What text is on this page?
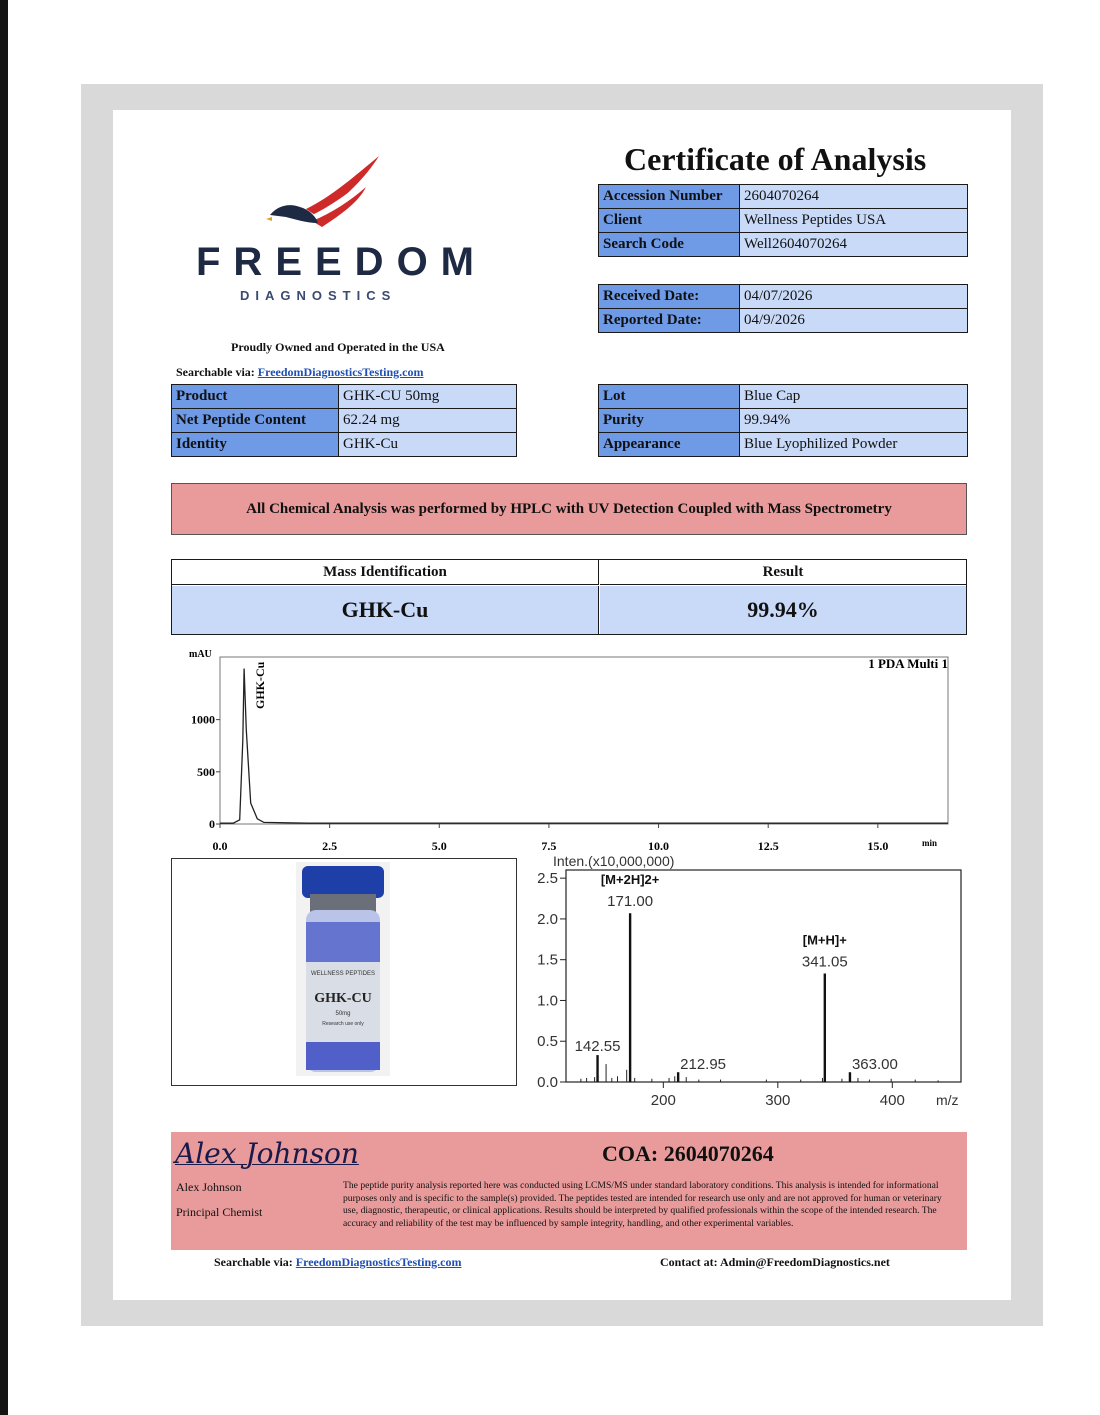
FREEDOM
DIAGNOSTICS
Proudly Owned and Operated in the USA
Searchable via: FreedomDiagnosticsTesting.com
Certificate of Analysis
Accession Number	2604070264
Client	Wellness Peptides USA
Search Code	Well2604070264
Received Date:	04/07/2026
Reported Date:	04/9/2026
Product	GHK-CU 50mg
Net Peptide Content	62.24 mg
Identity	GHK-Cu
Lot	Blue Cap
Purity	99.94%
Appearance	Blue Lyophilized Powder
All Chemical Analysis was performed by HPLC with UV Detection Coupled with Mass Spectrometry
Mass Identification	Result
GHK-Cu	99.94%
mAU
GHK-Cu	1 PDA Multi 1
min
0.0	2.5	5.0	7.5	10.0	12.5	15.0
0
500
1000
WELLNESS PEPTIDES
GHK-CU
50mg
Research use only
Inten.(x10,000,000)
m/z
0.0
0.5
1.0
1.5
2.0
2.5
200	300	400
142.55
171.00
[M+2H]2+
212.95
341.05
[M+H]+
363.00
Alex Johnson
Alex Johnson
Principal Chemist
COA: 2604070264
The peptide purity analysis reported here was conducted using LCMS/MS under standard laboratory conditions. This analysis is intended for informational purposes only and is specific to the sample(s) provided. The peptides tested are intended for research use only and are not approved for human or veterinary use, diagnostic, therapeutic, or clinical applications. Results should be interpreted by qualified professionals within the scope of the intended research. The accuracy and reliability of the test may be influenced by sample integrity, handling, and other experimental variables.
Searchable via: FreedomDiagnosticsTesting.com	Contact at: Admin@FreedomDiagnostics.net
